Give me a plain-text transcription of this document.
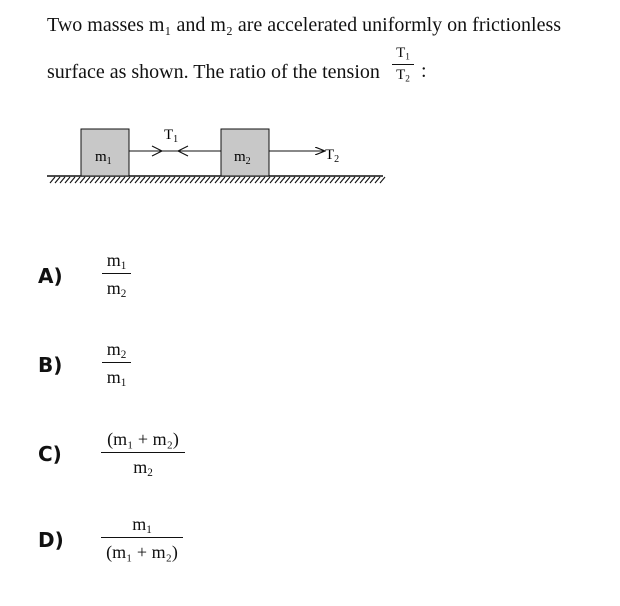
Two masses m₁ and m₂ are accelerated uniformly on frictionless
surface as shown. The ratio of the tension
$T_1$
$T_2$ :
$m_1$	$m_2$
$T_1$
$T_2$
A)
$m_1$
$m_2$
B)
$m_2$
$m_1$
C)
(m₁ + m₂)
$m_2$
D)
$m_1$
(m₁ + m₂)
